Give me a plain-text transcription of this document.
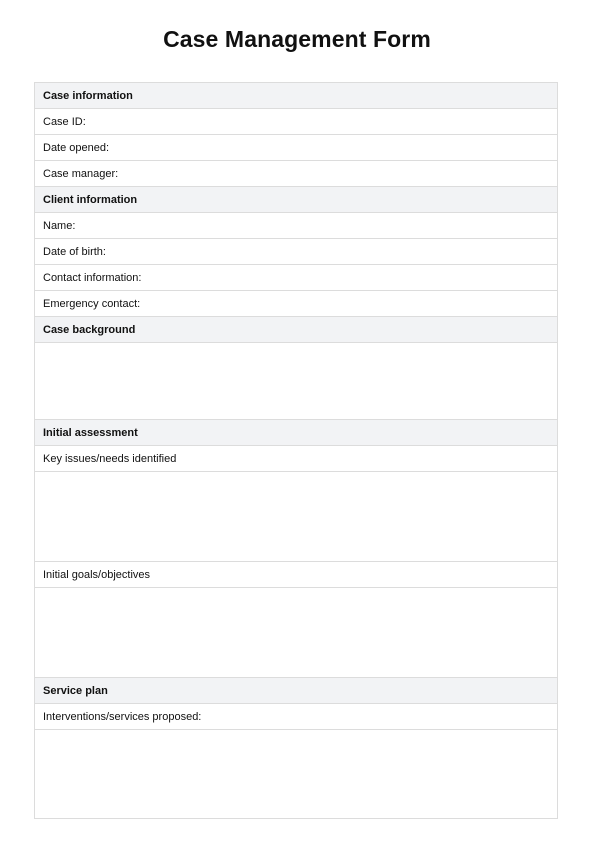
Case Management Form
Case information
Case ID:
Date opened:
Case manager:
Client information
Name:
Date of birth:
Contact information:
Emergency contact:
Case background

Initial assessment
Key issues/needs identified

Initial goals/objectives

Service plan
Interventions/services proposed:
